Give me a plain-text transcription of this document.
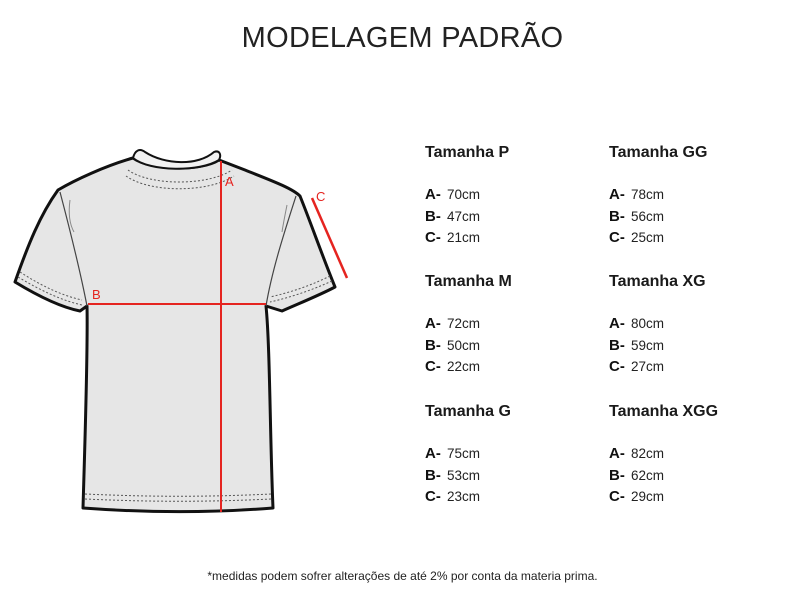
MODELAGEM PADRÃO
A
B
C
Tamanha P
A- 70cm
B- 47cm
C- 21cm
Tamanha GG
A- 78cm
B- 56cm
C- 25cm
Tamanha M
A- 72cm
B- 50cm
C- 22cm
Tamanha XG
A- 80cm
B- 59cm
C- 27cm
Tamanha G
A- 75cm
B- 53cm
C- 23cm
Tamanha XGG
A- 82cm
B- 62cm
C- 29cm
*medidas podem sofrer alterações de até 2% por conta da materia prima.
